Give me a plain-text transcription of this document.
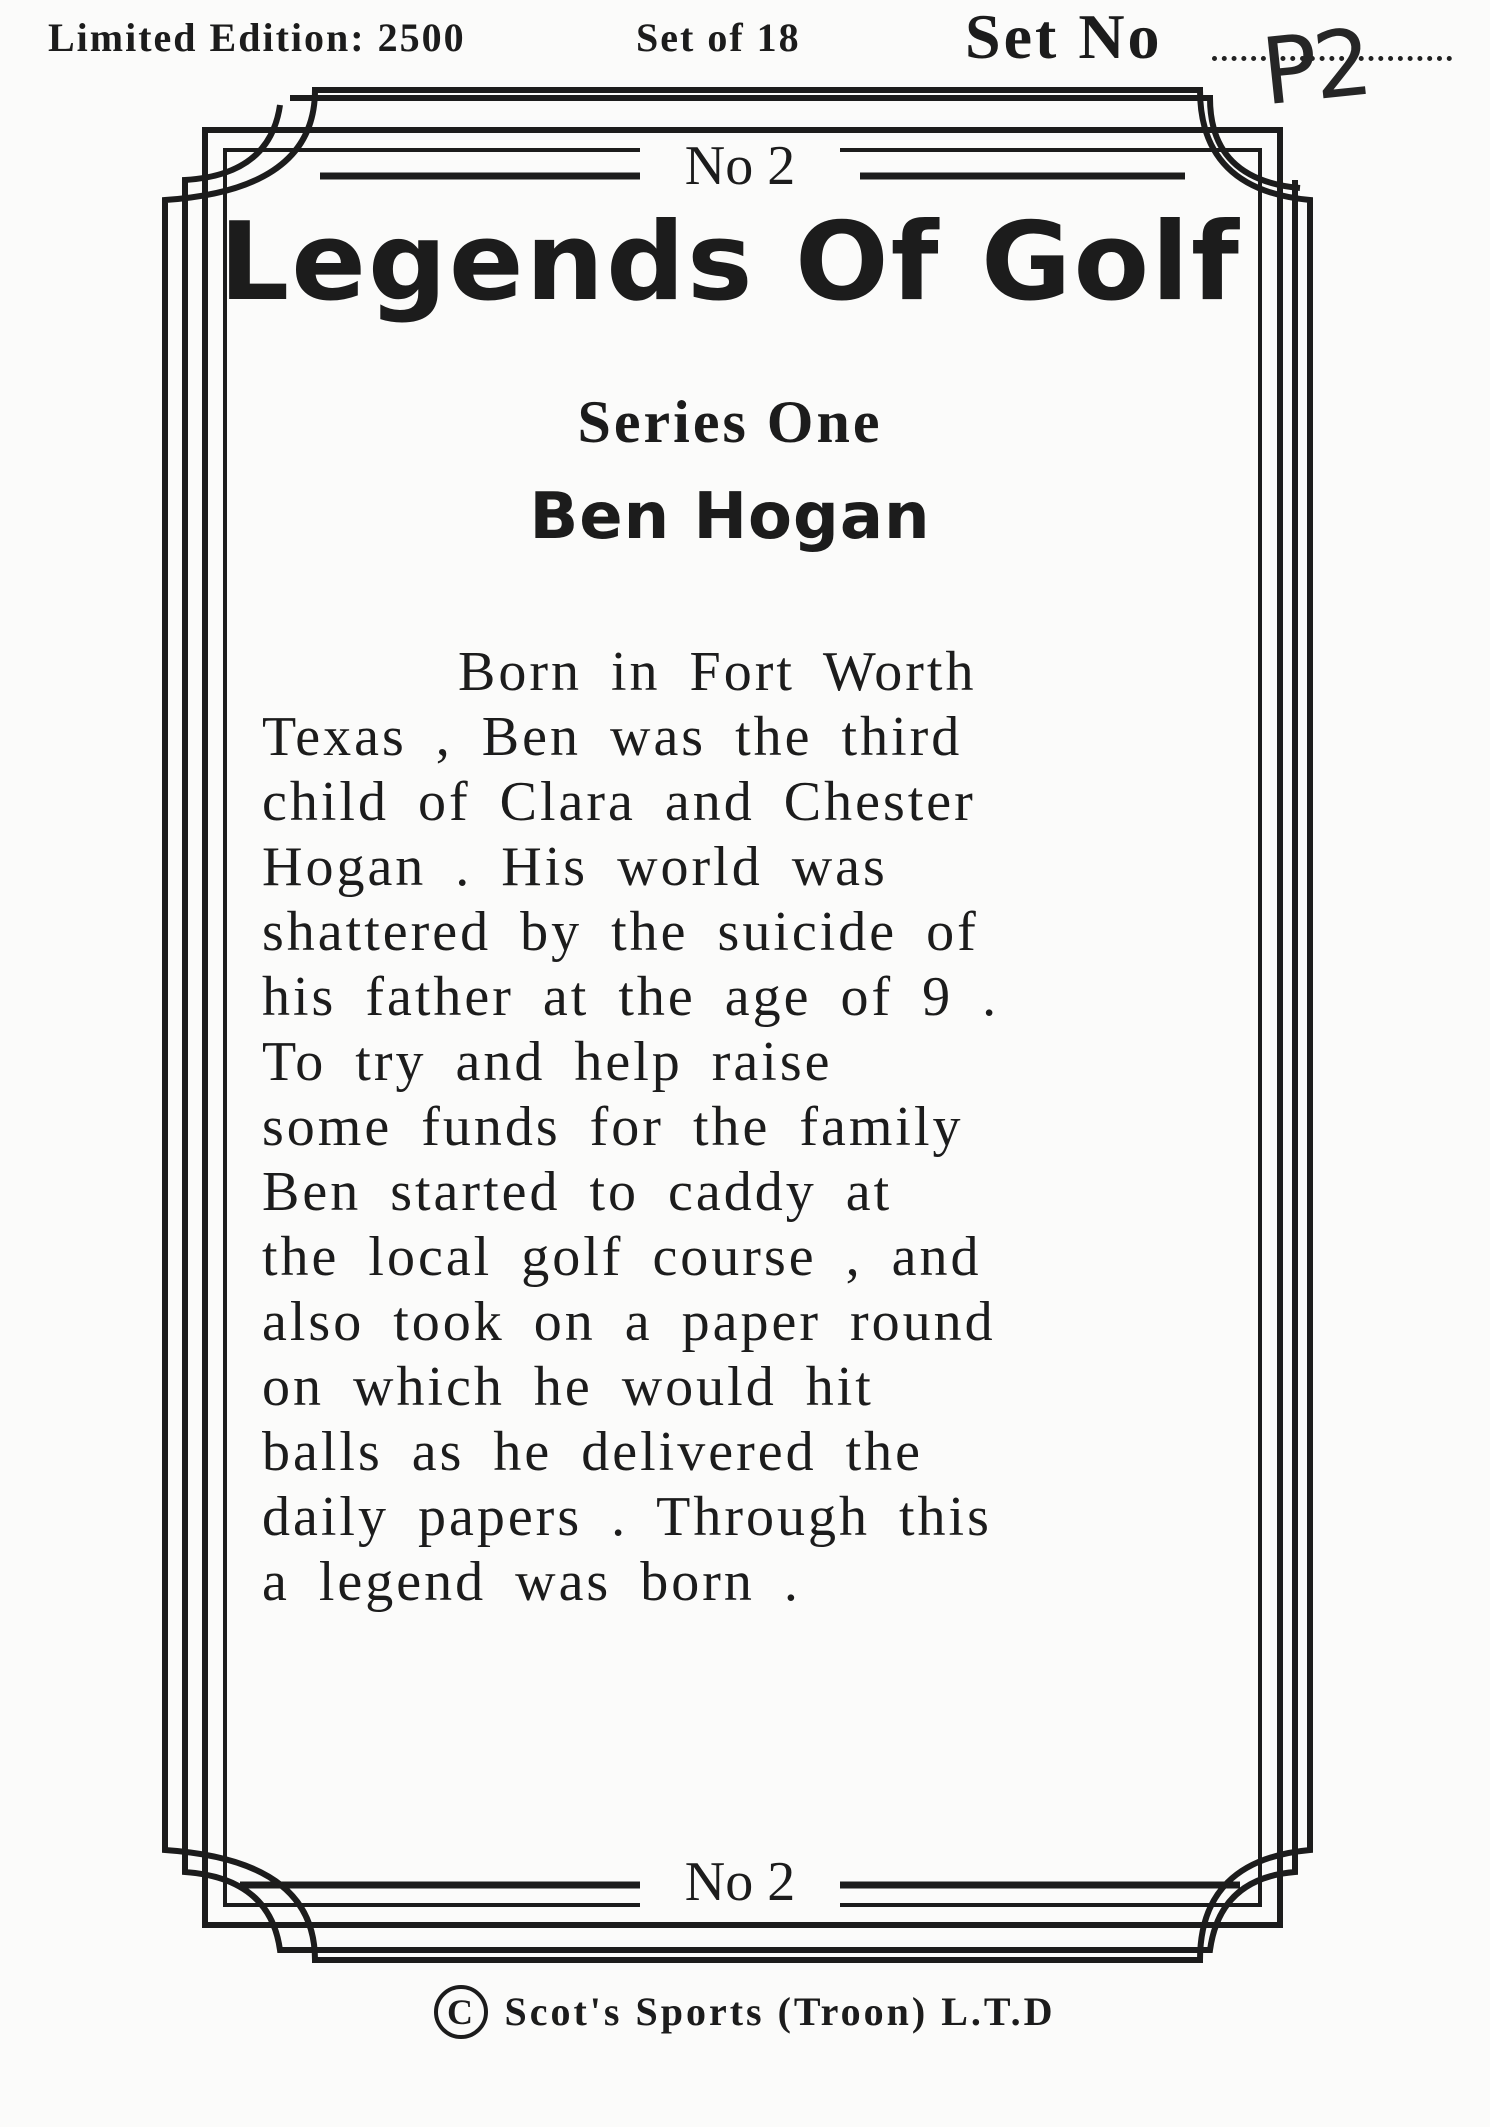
Limited Edition: 2500	Set of 18	Set No P2
No 2
Legends Of Golf
Series One
Ben Hogan

Born in Fort Worth
Texas , Ben was the third
child of Clara and Chester
Hogan . His world was
shattered by the suicide of
his father at the age of 9 .
To try and help raise
some funds for the family
Ben started to caddy at
the local golf course , and
also took on a paper round
on which he would hit
balls as he delivered the
daily papers . Through this
a legend was born .

No 2
C Scot's Sports (Troon) L.T.D
